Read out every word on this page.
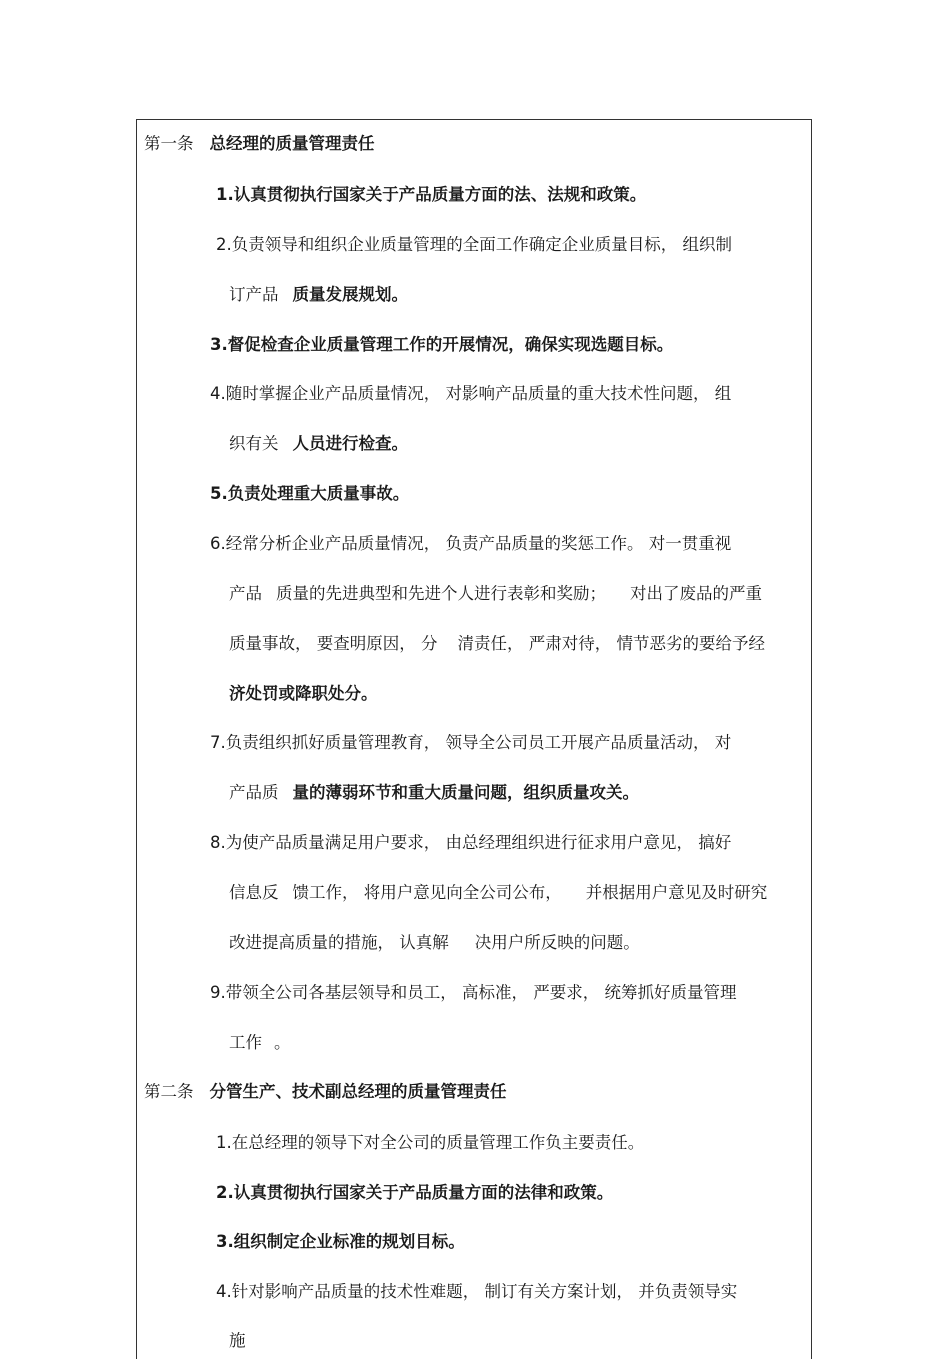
第一条 总经理的质量管理责任
1.认真贯彻执行国家关于产品质量方面的法、法规和政策。
2.负责领导和组织企业质量管理的全面工作确定企业质量目标， 组织制
订产品 质量发展规划。
3.督促检查企业质量管理工作的开展情况，确保实现选题目标。
4.随时掌握企业产品质量情况， 对影响产品质量的重大技术性问题， 组
织有关 人员进行检查。
5.负责处理重大质量事故。
6.经常分析企业产品质量情况， 负责产品质量的奖惩工作。 对一贯重视
产品 质量的先进典型和先进个人进行表彰和奖励； 对出了废品的严重
质量事故， 要查明原因， 分 清责任， 严肃对待， 情节恶劣的要给予经
济处罚或降职处分。
7.负责组织抓好质量管理教育， 领导全公司员工开展产品质量活动， 对
产品质 量的薄弱环节和重大质量问题，组织质量攻关。
8.为使产品质量满足用户要求， 由总经理组织进行征求用户意见， 搞好
信息反 馈工作， 将用户意见向全公司公布， 并根据用户意见及时研究
改进提高质量的措施， 认真解 决用户所反映的问题。
9.带领全公司各基层领导和员工， 高标准， 严要求， 统筹抓好质量管理
工作 。
第二条 分管生产、技术副总经理的质量管理责任
1.在总经理的领导下对全公司的质量管理工作负主要责任。
2.认真贯彻执行国家关于产品质量方面的法律和政策。
3.组织制定企业标准的规划目标。
4.针对影响产品质量的技术性难题， 制订有关方案计划， 并负责领导实
施
